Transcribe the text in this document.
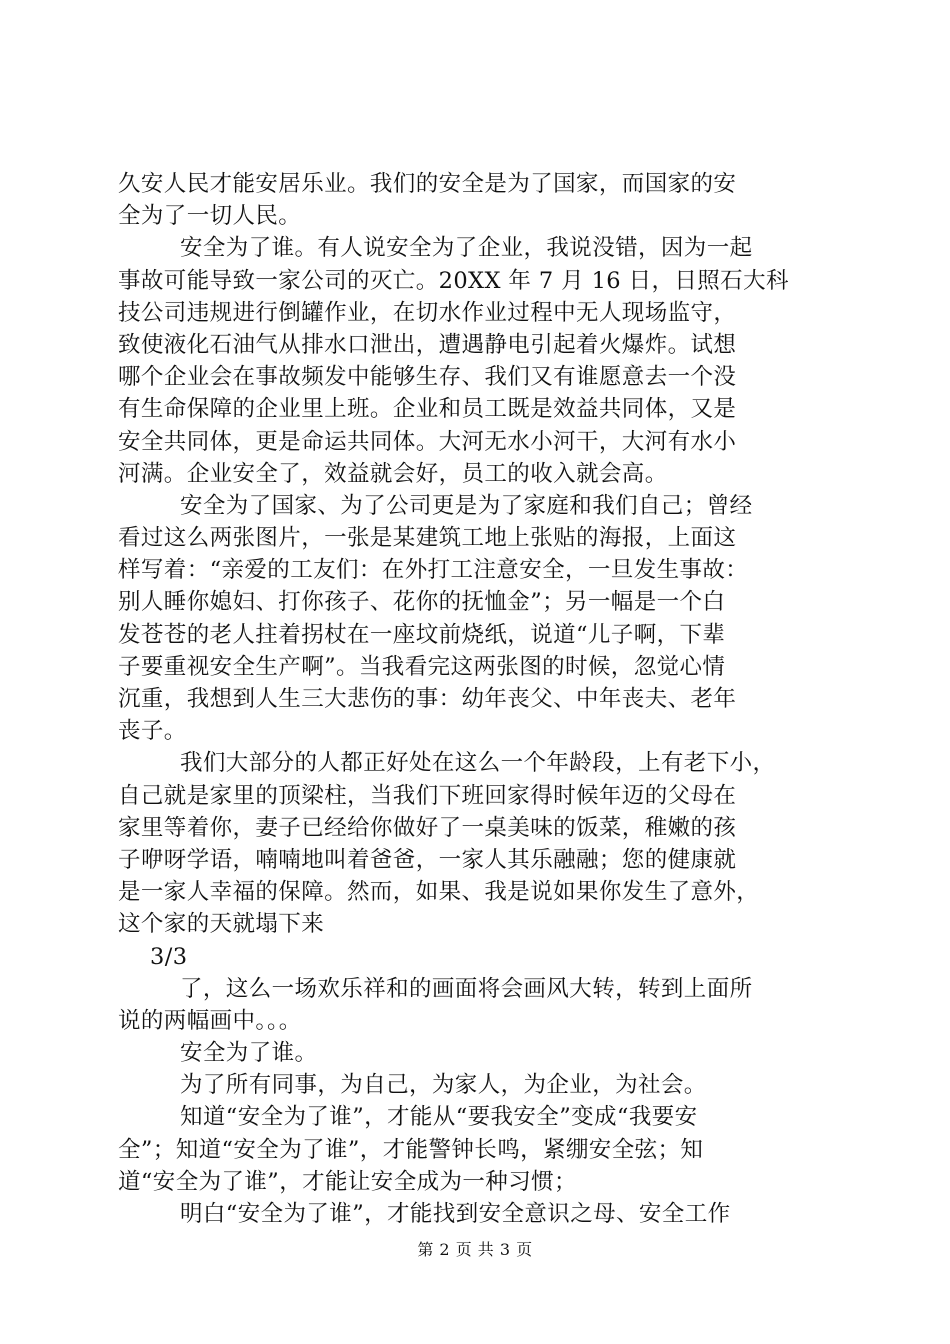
久安人民才能安居乐业。我们的安全是为了国家，而国家的安
全为了一切人民。
安全为了谁。有人说安全为了企业，我说没错，因为一起
事故可能导致一家公司的灭亡。20XX 年 7 月 16 日，日照石大科
技公司违规进行倒罐作业，在切水作业过程中无人现场监守，
致使液化石油气从排水口泄出，遭遇静电引起着火爆炸。试想
哪个企业会在事故频发中能够生存、我们又有谁愿意去一个没
有生命保障的企业里上班。企业和员工既是效益共同体，又是
安全共同体，更是命运共同体。大河无水小河干，大河有水小
河满。企业安全了，效益就会好，员工的收入就会高。
安全为了国家、为了公司更是为了家庭和我们自己；曾经
看过这么两张图片，一张是某建筑工地上张贴的海报，上面这
样写着：“亲爱的工友们：在外打工注意安全，一旦发生事故：
别人睡你媳妇、打你孩子、花你的抚恤金”；另一幅是一个白
发苍苍的老人拄着拐杖在一座坟前烧纸，说道“儿子啊，下辈
子要重视安全生产啊”。当我看完这两张图的时候，忽觉心情
沉重，我想到人生三大悲伤的事：幼年丧父、中年丧夫、老年
丧子。
我们大部分的人都正好处在这么一个年龄段，上有老下小，
自己就是家里的顶梁柱，当我们下班回家得时候年迈的父母在
家里等着你，妻子已经给你做好了一桌美味的饭菜，稚嫩的孩
子咿呀学语，喃喃地叫着爸爸，一家人其乐融融；您的健康就
是一家人幸福的保障。然而，如果、我是说如果你发生了意外，
这个家的天就塌下来
3/3
了，这么一场欢乐祥和的画面将会画风大转，转到上面所
说的两幅画中。。。
安全为了谁。
为了所有同事，为自己，为家人，为企业，为社会。
知道“安全为了谁”，才能从“要我安全”变成“我要安
全”；知道“安全为了谁”，才能警钟长鸣，紧绷安全弦；知
道“安全为了谁”，才能让安全成为一种习惯；
明白“安全为了谁”，才能找到安全意识之母、安全工作
第 2 页 共 3 页
